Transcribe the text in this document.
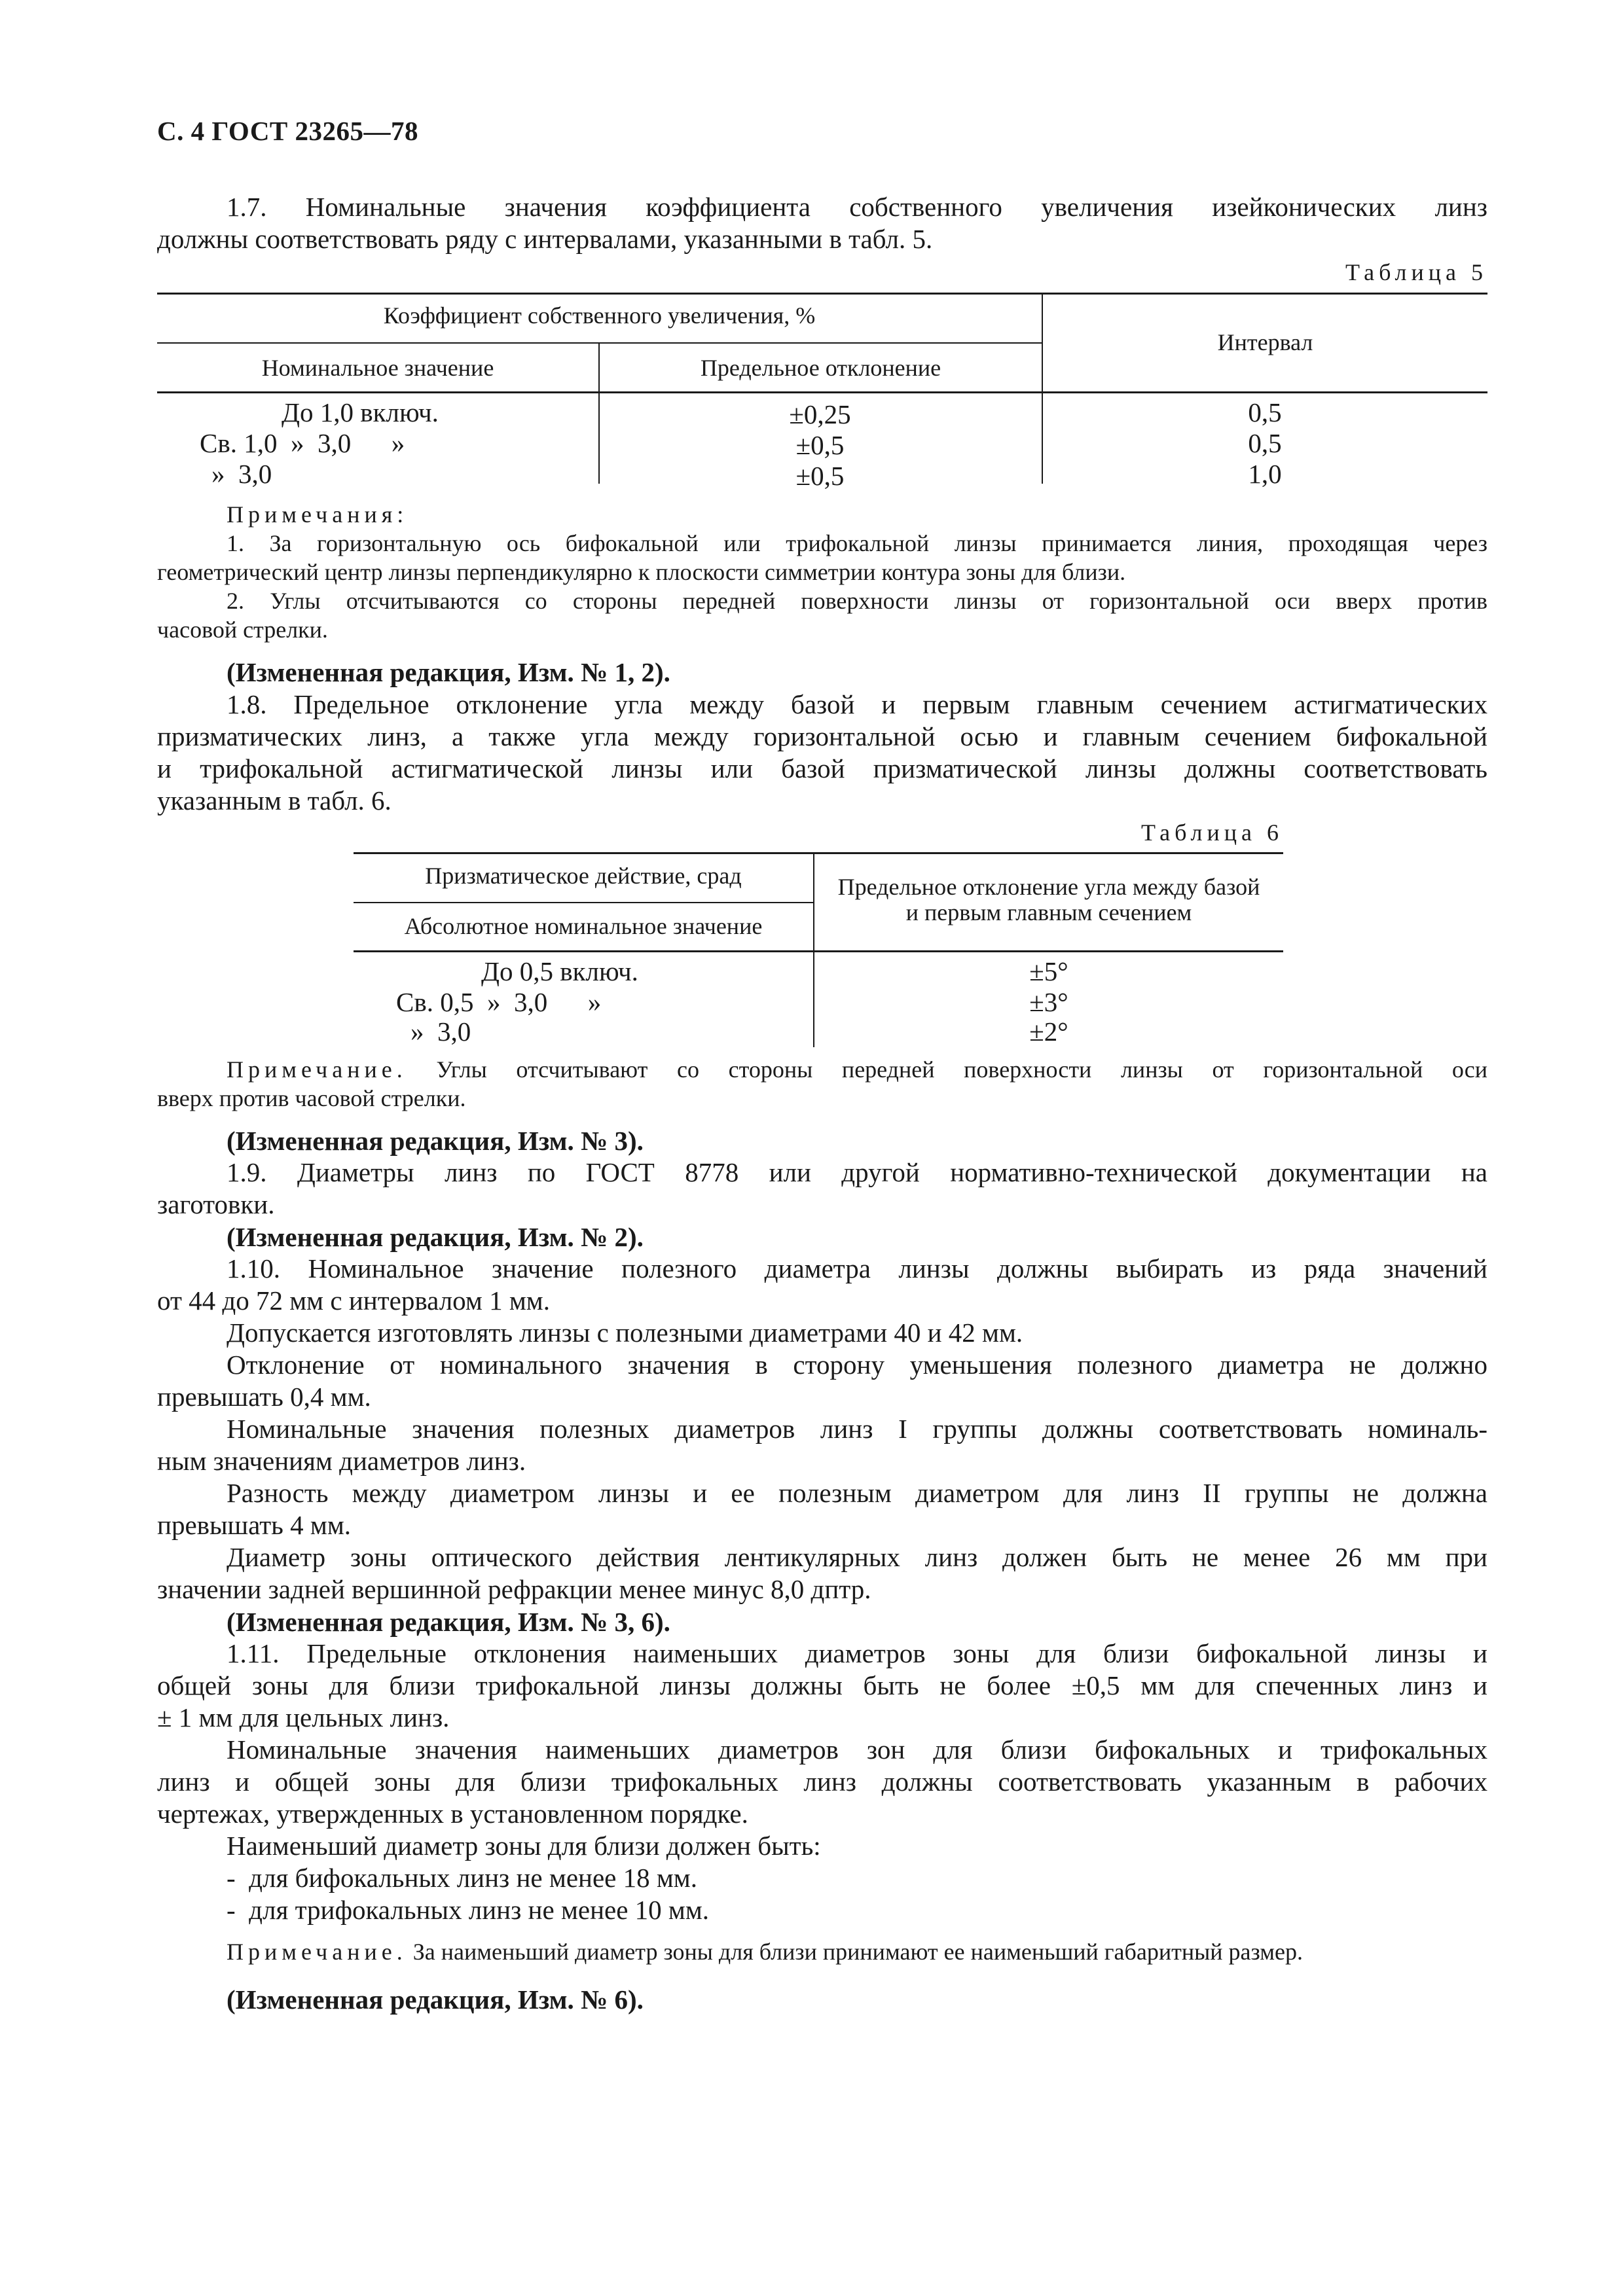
С. 4 ГОСТ 23265—78
1.7. Номинальные значения коэффициента собственного увеличения изейконических линз
должны соответствовать ряду с интервалами, указанными в табл. 5.
Таблица 5
Коэффициент собственного увеличения, %
Номинальное значение	Предельное отклонение
Интервал
До 1,0 включ.	±0,25	0,5
Св. 1,0  »  3,0      »	±0,5	0,5
»  3,0	±0,5	1,0
Примечания:
1. За горизонтальную ось бифокальной или трифокальной линзы принимается линия, проходящая через
геометрический центр линзы перпендикулярно к плоскости симметрии контура зоны для близи.
2. Углы отсчитываются со стороны передней поверхности линзы от горизонтальной оси вверх против
часовой стрелки.
(Измененная редакция, Изм. № 1, 2).
1.8. Предельное отклонение угла между базой и первым главным сечением астигматических
призматических линз, а также угла между горизонтальной осью и главным сечением бифокальной
и трифокальной астигматической линзы или базой призматической линзы должны соответствовать
указанным в табл. 6.
Таблица 6
Призматическое действие, срад
Абсолютное номинальное значение
Предельное отклонение угла между базой
и первым главным сечением
До 0,5 включ.	±5°
Св. 0,5  »  3,0      »	±3°
»  3,0	±2°
Примечание. Углы отсчитывают со стороны передней поверхности линзы от горизонтальной оси
вверх против часовой стрелки.
(Измененная редакция, Изм. № 3).
1.9. Диаметры линз по ГОСТ 8778 или другой нормативно-технической документации на
заготовки.
(Измененная редакция, Изм. № 2).
1.10. Номинальное значение полезного диаметра линзы должны выбирать из ряда значений
от 44 до 72 мм с интервалом 1 мм.
Допускается изготовлять линзы с полезными диаметрами 40 и 42 мм.
Отклонение от номинального значения в сторону уменьшения полезного диаметра не должно
превышать 0,4 мм.
Номинальные значения полезных диаметров линз I группы должны соответствовать номиналь-
ным значениям диаметров линз.
Разность между диаметром линзы и ее полезным диаметром для линз II группы не должна
превышать 4 мм.
Диаметр зоны оптического действия лентикулярных линз должен быть не менее 26 мм при
значении задней вершинной рефракции менее минус 8,0 дптр.
(Измененная редакция, Изм. № 3, 6).
1.11. Предельные отклонения наименьших диаметров зоны для близи бифокальной линзы и
общей зоны для близи трифокальной линзы должны быть не более ±0,5 мм для спеченных линз и
± 1 мм для цельных линз.
Номинальные значения наименьших диаметров зон для близи бифокальных и трифокальных
линз и общей зоны для близи трифокальных линз должны соответствовать указанным в рабочих
чертежах, утвержденных в установленном порядке.
Наименьший диаметр зоны для близи должен быть:
-  для бифокальных линз не менее 18 мм.
-  для трифокальных линз не менее 10 мм.
Примечание. За наименьший диаметр зоны для близи принимают ее наименьший габаритный размер.
(Измененная редакция, Изм. № 6).
